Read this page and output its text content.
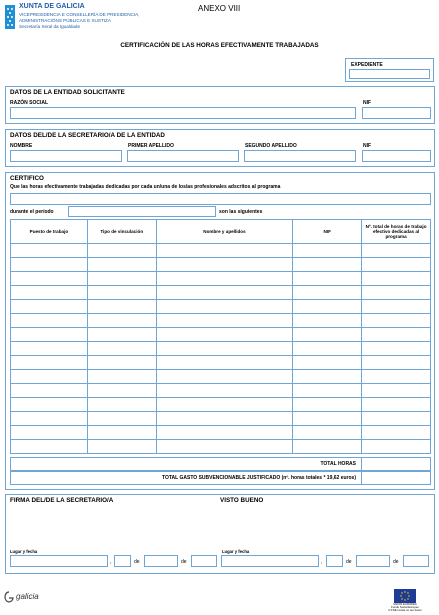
XUNTA DE GALICIA
VICEPRESIDENCIA E CONSELLERÍA DE PRESIDENCIA,
ADMINISTRACIÓNS PÚBLICAS E XUSTIZA
Secretaría Xeral da Igualdade
ANEXO VIII
CERTIFICACIÓN DE LAS HORAS EFECTIVAMENTE TRABAJADAS
EXPEDIENTE
DATOS DE LA ENTIDAD SOLICITANTE
RAZÓN SOCIAL	NIF
DATOS DEL/DE LA SECRETARIO/A DE LA ENTIDAD
NOMBRE	PRIMER APELLIDO	SEGUNDO APELLIDO	NIF
CERTIFICO
Que las horas efectivamente trabajadas dedicadas por cada un/una de los/as profesionales adscritos al programa
durante el período	son las siguientes
Puesto de trabajo	Tipo de vinculación	Nombre y apellidos	NIF	Nº. total de horas de trabajo efectivo dedicadas al programa

TOTAL HORAS
TOTAL GASTO SUBVENCIONABLE JUSTIFICADO (nº. horas totales * 19,62 euros)
FIRMA DEL/DE LA SECRETARIO/A	VISTO BUENO
Lugar y fecha
,	de	de
Lugar y fecha
,	de	de
galicia
UNIÓN EUROPEA
Fondo Social Europeo
O FSE inviste no teu futuro
